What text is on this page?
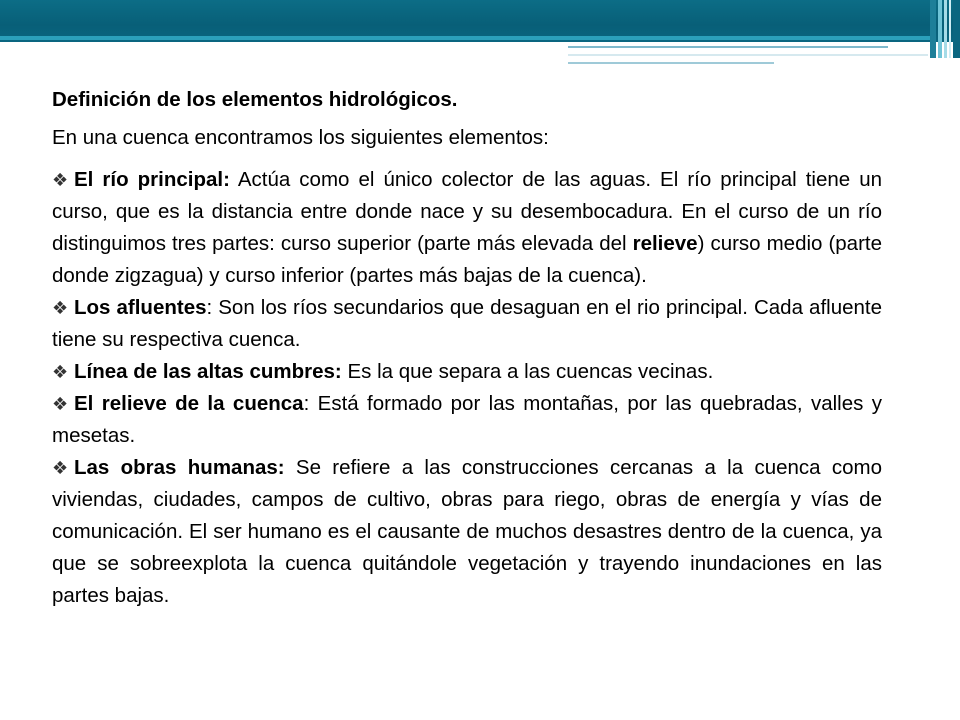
Definición de los elementos hidrológicos.

En una cuenca encontramos los siguientes elementos:

❖ El río principal: Actúa como el único colector de las aguas. El río principal tiene un curso, que es la distancia entre donde nace y su desembocadura. En el curso de un río distinguimos tres partes: curso superior (parte más elevada del relieve) curso medio (parte donde zigzagua) y curso inferior (partes más bajas de la cuenca).
❖ Los afluentes: Son los ríos secundarios que desaguan en el rio principal. Cada afluente tiene su respectiva cuenca.
❖ Línea de las altas cumbres: Es la que separa a las cuencas vecinas.
❖ El relieve de la cuenca: Está formado por las montañas, por las quebradas, valles y mesetas.
❖ Las obras humanas: Se refiere a las construcciones cercanas a la cuenca como viviendas, ciudades, campos de cultivo, obras para riego, obras de energía y vías de comunicación. El ser humano es el causante de muchos desastres dentro de la cuenca, ya que se sobreexplota la cuenca quitándole vegetación y trayendo inundaciones en las partes bajas.
